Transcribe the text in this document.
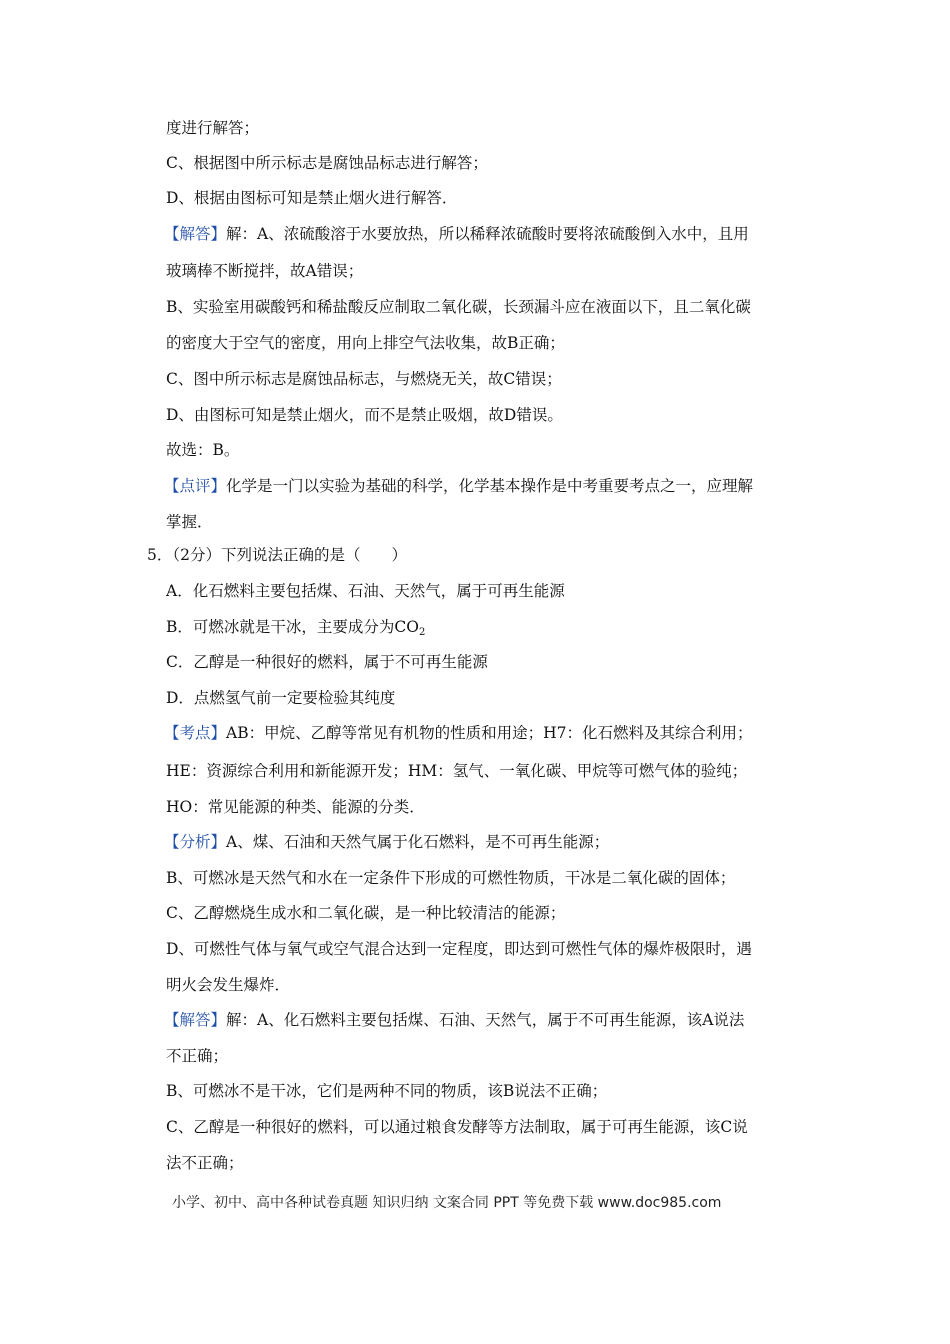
度进行解答；
C、根据图中所示标志是腐蚀品标志进行解答；
D、根据由图标可知是禁止烟火进行解答．
【解答】解：A、浓硫酸溶于水要放热，所以稀释浓硫酸时要将浓硫酸倒入水中，且用
玻璃棒不断搅拌，故A错误；
B、实验室用碳酸钙和稀盐酸反应制取二氧化碳，长颈漏斗应在液面以下，且二氧化碳
的密度大于空气的密度，用向上排空气法收集，故B正确；
C、图中所示标志是腐蚀品标志，与燃烧无关，故C错误；
D、由图标可知是禁止烟火，而不是禁止吸烟，故D错误。
故选：B。
【点评】化学是一门以实验为基础的科学，化学基本操作是中考重要考点之一，应理解
掌握．
5．（2分）下列说法正确的是（　　）
A．化石燃料主要包括煤、石油、天然气，属于可再生能源
B．可燃冰就是干冰，主要成分为$CO_2$
C．乙醇是一种很好的燃料，属于不可再生能源
D．点燃氢气前一定要检验其纯度
【考点】AB：甲烷、乙醇等常见有机物的性质和用途；H7：化石燃料及其综合利用；
HE：资源综合利用和新能源开发；HM：氢气、一氧化碳、甲烷等可燃气体的验纯；
HO：常见能源的种类、能源的分类．
【分析】A、煤、石油和天然气属于化石燃料，是不可再生能源；
B、可燃冰是天然气和水在一定条件下形成的可燃性物质，干冰是二氧化碳的固体；
C、乙醇燃烧生成水和二氧化碳，是一种比较清洁的能源；
D、可燃性气体与氧气或空气混合达到一定程度，即达到可燃性气体的爆炸极限时，遇
明火会发生爆炸．
【解答】解：A、化石燃料主要包括煤、石油、天然气，属于不可再生能源，该A说法
不正确；
B、可燃冰不是干冰，它们是两种不同的物质，该B说法不正确；
C、乙醇是一种很好的燃料，可以通过粮食发酵等方法制取，属于可再生能源，该C说
法不正确；
小学、初中、高中各种试卷真题 知识归纳 文案合同 PPT 等免费下载 www.doc985.com
